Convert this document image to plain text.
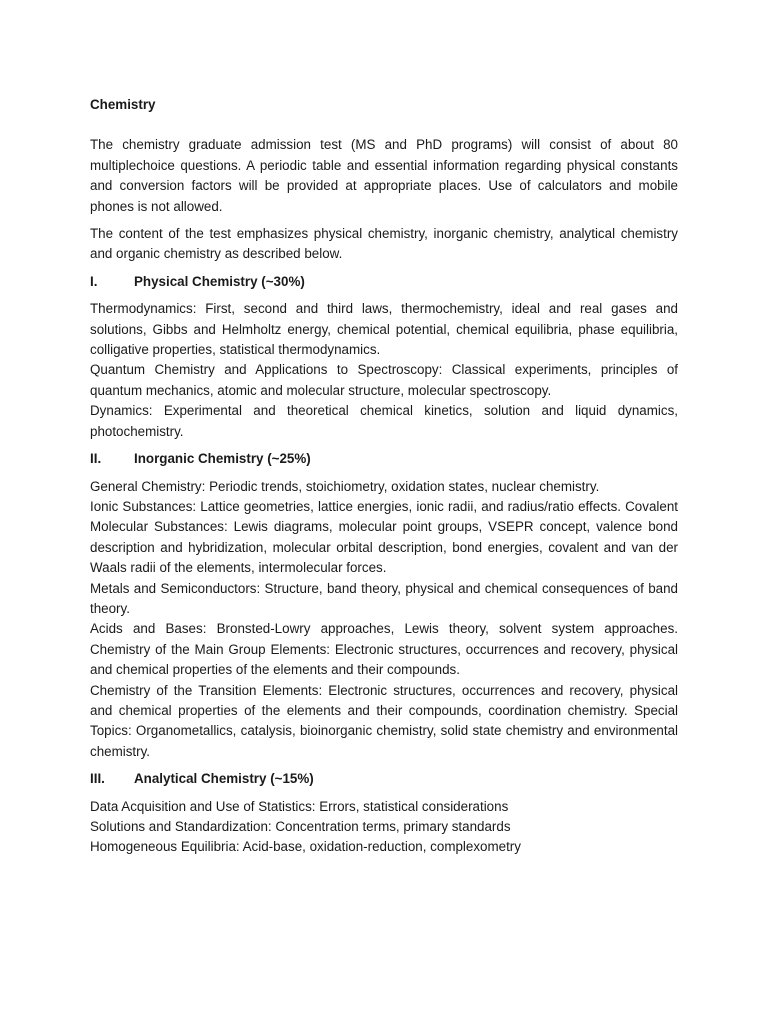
Chemistry

The chemistry graduate admission test (MS and PhD programs) will consist of about 80 multiplechoice questions. A periodic table and essential information regarding physical constants and conversion factors will be provided at appropriate places. Use of calculators and mobile phones is not allowed.

The content of the test emphasizes physical chemistry, inorganic chemistry, analytical chemistry and organic chemistry as described below.

I.	Physical Chemistry (~30%)

Thermodynamics: First, second and third laws, thermochemistry, ideal and real gases and solutions, Gibbs and Helmholtz energy, chemical potential, chemical equilibria, phase equilibria, colligative properties, statistical thermodynamics.

Quantum Chemistry and Applications to Spectroscopy: Classical experiments, principles of quantum mechanics, atomic and molecular structure, molecular spectroscopy.

Dynamics: Experimental and theoretical chemical kinetics, solution and liquid dynamics, photochemistry.

II.	Inorganic Chemistry (~25%)

General Chemistry: Periodic trends, stoichiometry, oxidation states, nuclear chemistry.

Ionic Substances: Lattice geometries, lattice energies, ionic radii, and radius/ratio effects. Covalent Molecular Substances: Lewis diagrams, molecular point groups, VSEPR concept, valence bond description and hybridization, molecular orbital description, bond energies, covalent and van der Waals radii of the elements, intermolecular forces.

Metals and Semiconductors: Structure, band theory, physical and chemical consequences of band theory.

Acids and Bases: Bronsted-Lowry approaches, Lewis theory, solvent system approaches. Chemistry of the Main Group Elements: Electronic structures, occurrences and recovery, physical and chemical properties of the elements and their compounds.

Chemistry of the Transition Elements: Electronic structures, occurrences and recovery, physical and chemical properties of the elements and their compounds, coordination chemistry. Special Topics: Organometallics, catalysis, bioinorganic chemistry, solid state chemistry and environmental chemistry.

III.	Analytical Chemistry (~15%)

Data Acquisition and Use of Statistics: Errors, statistical considerations

Solutions and Standardization: Concentration terms, primary standards

Homogeneous Equilibria: Acid-base, oxidation-reduction, complexometry
